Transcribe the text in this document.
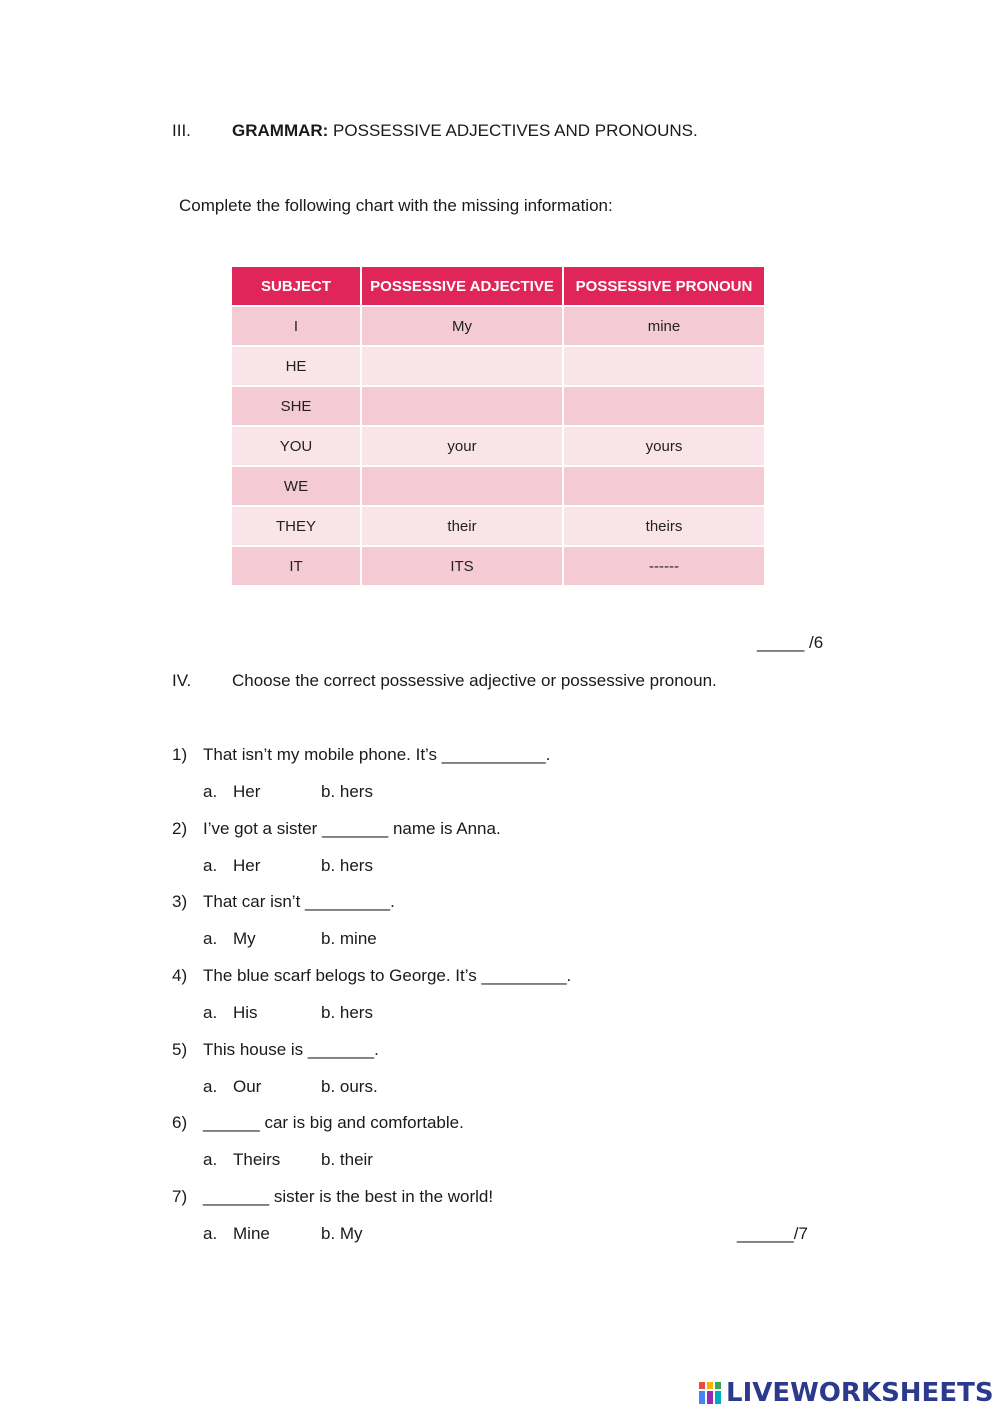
III. GRAMMAR: POSSESSIVE ADJECTIVES AND PRONOUNS.
Complete the following chart with the missing information:
SUBJECT	POSSESSIVE ADJECTIVE	POSSESSIVE PRONOUN
I	My	mine
HE		
SHE		
YOU	your	yours
WE		
THEY	their	theirs
IT	ITS	------
_____ /6
IV. Choose the correct possessive adjective or possessive pronoun.
1) That isn’t my mobile phone. It’s ___________.
a. Her	b. hers
2) I’ve got a sister _______ name is Anna.
a. Her	b. hers
3) That car isn’t _________.
a. My	b. mine
4) The blue scarf belogs to George. It’s _________.
a. His	b. hers
5) This house is _______.
a. Our	b. ours.
6) ______ car is big and comfortable.
a. Theirs b. their
7) _______ sister is the best in the world!
a. Mine	b. My	______/7
LIVEWORKSHEETS
